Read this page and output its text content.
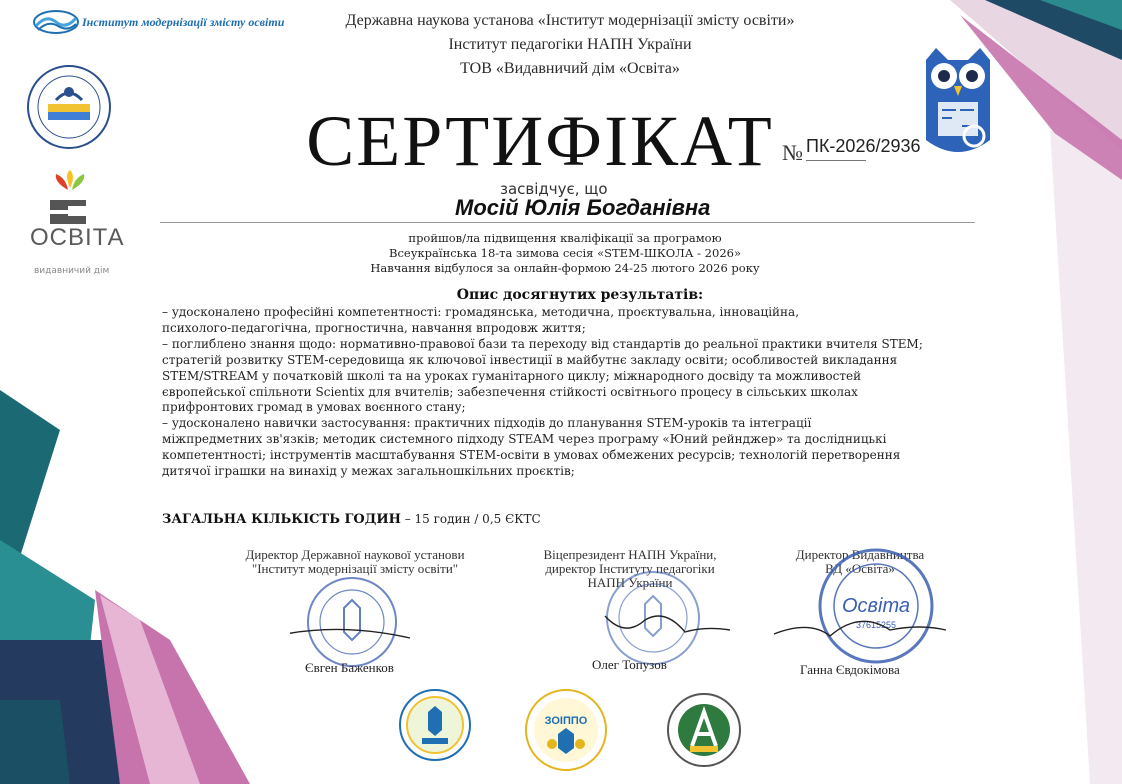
Інститут модернізації змісту освіти
ОСВІТА
видавничий дім
Державна наукова установа «Інститут модернізації змісту освіти»
Інститут педагогіки НАПН України
ТОВ «Видавничий дім «Освіта»
СЕРТИФІКАТ № ПК-2026/2936
засвідчує, що
Мосій Юлія Богданівна
пройшов/ла підвищення кваліфікації за програмою
Всеукраїнська 18-та зимова сесія «STEM-ШКОЛА - 2026»
Навчання відбулося за онлайн-формою 24-25 лютого 2026 року
Опис досягнутих результатів:

– удосконалено професійні компетентності: громадянська, методична, проєктувальна, інноваційна,

психолого-педагогічна, прогностична, навчання впродовж життя;

– поглиблено знання щодо: нормативно-правової бази та переходу від стандартів до реальної практики вчителя STEM;

стратегій розвитку STEM-середовища як ключової інвестиції в майбутнє закладу освіти; особливостей викладання

STEM/STREAM у початковій школі та на уроках гуманітарного циклу; міжнародного досвіду та можливостей

європейської спільноти Scientix для вчителів; забезпечення стійкості освітнього процесу в сільських школах

прифронтових громад в умовах воєнного стану;

– удосконалено навички застосування: практичних підходів до планування STEM-уроків та інтеграції

міжпредметних зв'язків; методик системного підходу STEAM через програму «Юний рейнджер» та дослідницькі

компетентності; інструментів масштабування STEM-освіти в умовах обмежених ресурсів; технологій перетворення

дитячої іграшки на винахід у межах загальношкільних проєктів;

ЗАГАЛЬНА КІЛЬКІСТЬ ГОДИН – 15 годин / 0,5 ЄКТС
Директор Державної наукової установи
"Інститут модернізації змісту освіти"
Євген Баженков
Віцепрезидент НАПН України,
директор Інституту педагогіки
НАПН України
Олег Топузов
Директор Видавництва
ВД «Освіта»
Освіта
37615255
Ганна Євдокімова
ЗОІППО
